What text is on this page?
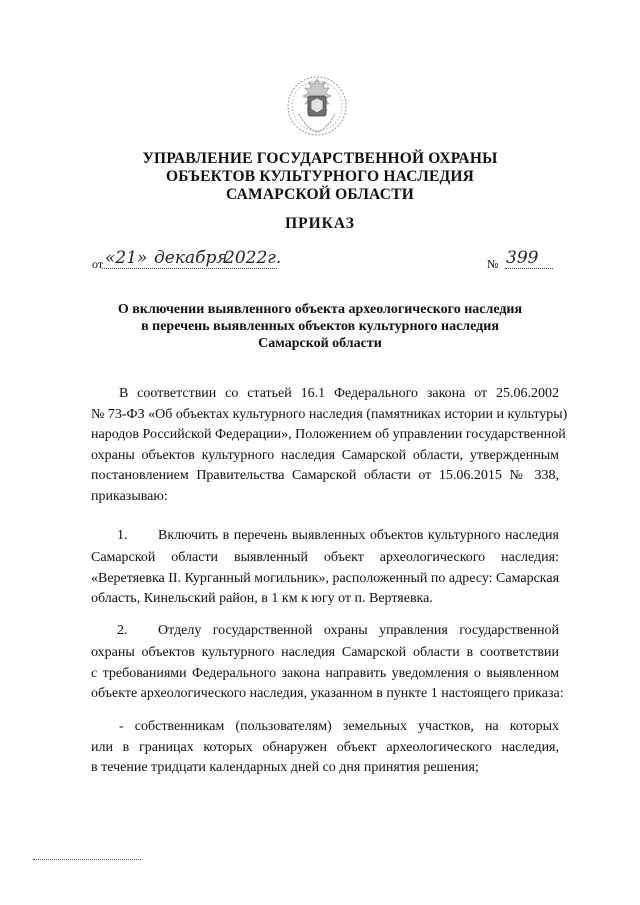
УПРАВЛЕНИЕ ГОСУДАРСТВЕННОЙ ОХРАНЫ
ОБЪЕКТОВ КУЛЬТУРНОГО НАСЛЕДИЯ
САМАРСКОЙ ОБЛАСТИ
ПРИКАЗ
от «21» декабря
2022г.	№ 399
О включении выявленного объекта археологического наследия
в перечень выявленных объектов культурного наследия
Самарской области
В соответствии со статьей 16.1 Федерального закона от 25.06.2002
№ 73-ФЗ «Об объектах культурного наследия (памятниках истории и культуры)
народов Российской Федерации», Положением об управлении государственной
охраны объектов культурного наследия Самарской области, утвержденным
постановлением Правительства Самарской области от 15.06.2015 № 338,
приказываю:
1. Включить в перечень выявленных объектов культурного наследия
Самарской области выявленный объект археологического наследия:
«Веретяевка II. Курганный могильник», расположенный по адресу: Самарская
область, Кинельский район, в 1 км к югу от п. Вертяевка.
2. Отделу государственной охраны управления государственной
охраны объектов культурного наследия Самарской области в соответствии
с требованиями Федерального закона направить уведомления о выявленном
объекте археологического наследия, указанном в пункте 1 настоящего приказа:
- собственникам (пользователям) земельных участков, на которых
или в границах которых обнаружен объект археологического наследия,
в течение тридцати календарных дней со дня принятия решения;
